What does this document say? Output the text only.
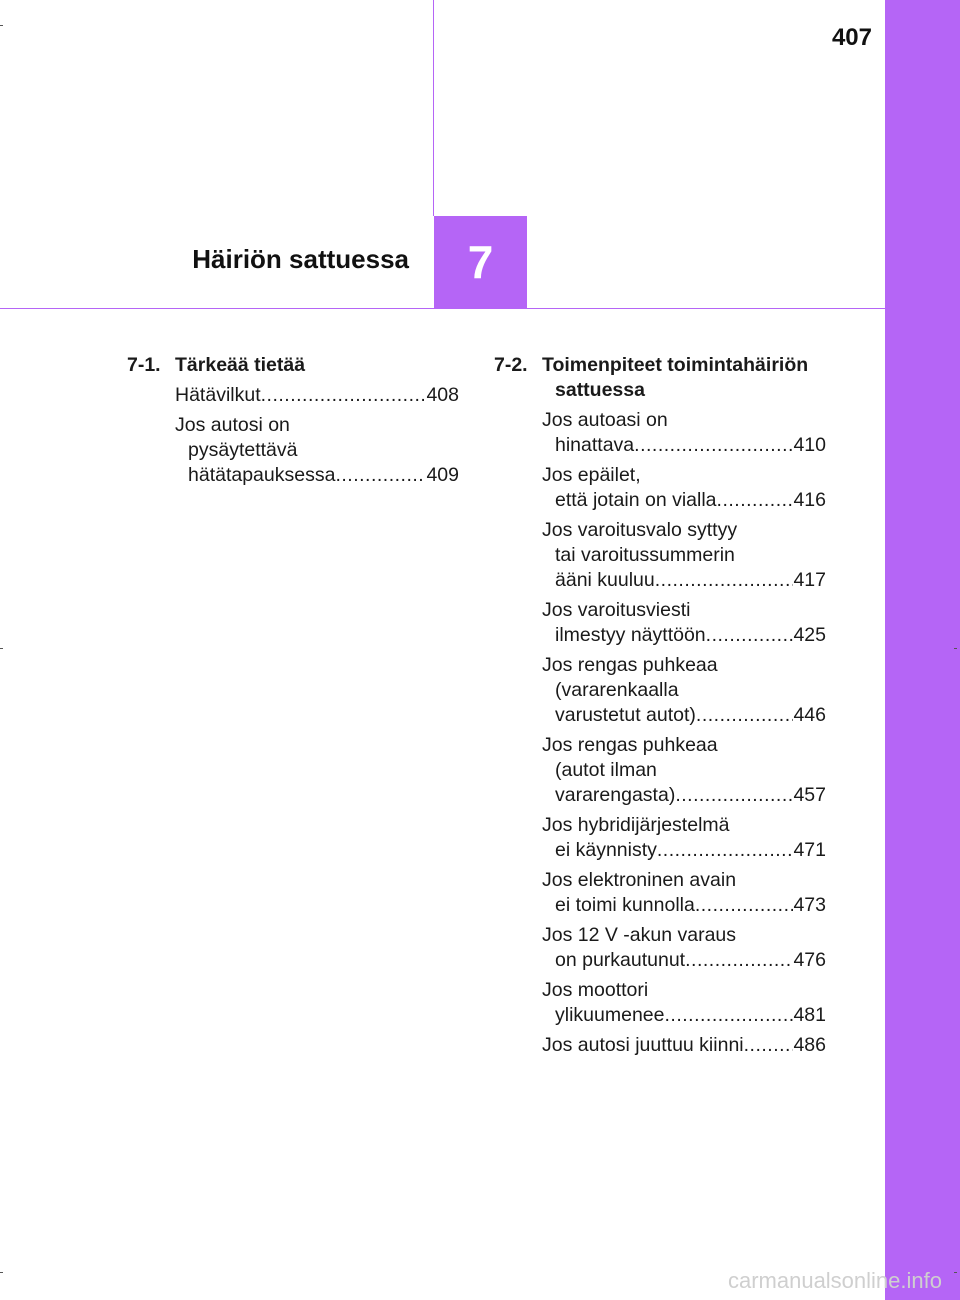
407
7
Häiriön sattuessa
7-1. Tärkeää tietää
Hätävilkut .....	408
Jos autosi on
pysäytettävä
hätätapauksessa .....	409
7-2. Toimenpiteet toimintahäiriön
sattuessa
Jos autoasi on
hinattava .....	410
Jos epäilet,
että jotain on vialla .....	416
Jos varoitusvalo syttyy
tai varoitussummerin
ääni kuuluu .....	417
Jos varoitusviesti
ilmestyy näyttöön .....	425
Jos rengas puhkeaa
(vararenkaalla
varustetut autot) .....	446
Jos rengas puhkeaa
(autot ilman
vararengasta) .....	457
Jos hybridijärjestelmä
ei käynnisty .....	471
Jos elektroninen avain
ei toimi kunnolla .....	473
Jos 12 V -akun varaus
on purkautunut .....	476
Jos moottori
ylikuumenee .....	481
Jos autosi juuttuu kiinni .....	486
carmanualsonline.info
